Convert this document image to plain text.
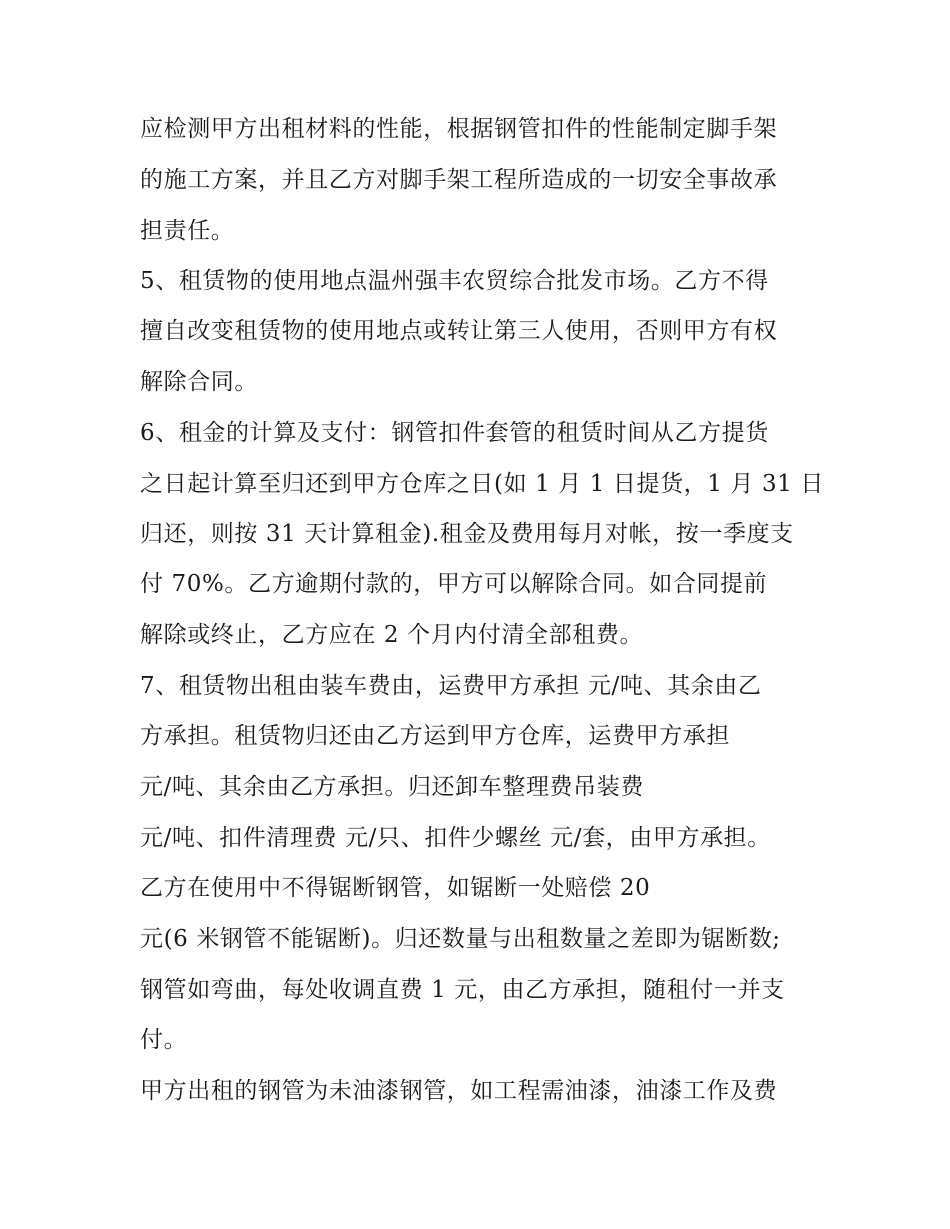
应检测甲方出租材料的性能，根据钢管扣件的性能制定脚手架
的施工方案，并且乙方对脚手架工程所造成的一切安全事故承
担责任。
5、租赁物的使用地点温州强丰农贸综合批发市场。乙方不得
擅自改变租赁物的使用地点或转让第三人使用，否则甲方有权
解除合同。
6、租金的计算及支付：钢管扣件套管的租赁时间从乙方提货
之日起计算至归还到甲方仓库之日(如 1 月 1 日提货，1 月 31 日
归还，则按 31 天计算租金).租金及费用每月对帐，按一季度支
付 70%。乙方逾期付款的，甲方可以解除合同。如合同提前
解除或终止，乙方应在 2 个月内付清全部租费。
7、租赁物出租由装车费由，运费甲方承担 元/吨、其余由乙
方承担。租赁物归还由乙方运到甲方仓库，运费甲方承担
元/吨、其余由乙方承担。归还卸车整理费吊装费
元/吨、扣件清理费 元/只、扣件少螺丝 元/套，由甲方承担。
乙方在使用中不得锯断钢管，如锯断一处赔偿 20
元(6 米钢管不能锯断)。归还数量与出租数量之差即为锯断数;
钢管如弯曲，每处收调直费 1 元，由乙方承担，随租付一并支
付。
甲方出租的钢管为未油漆钢管，如工程需油漆，油漆工作及费
